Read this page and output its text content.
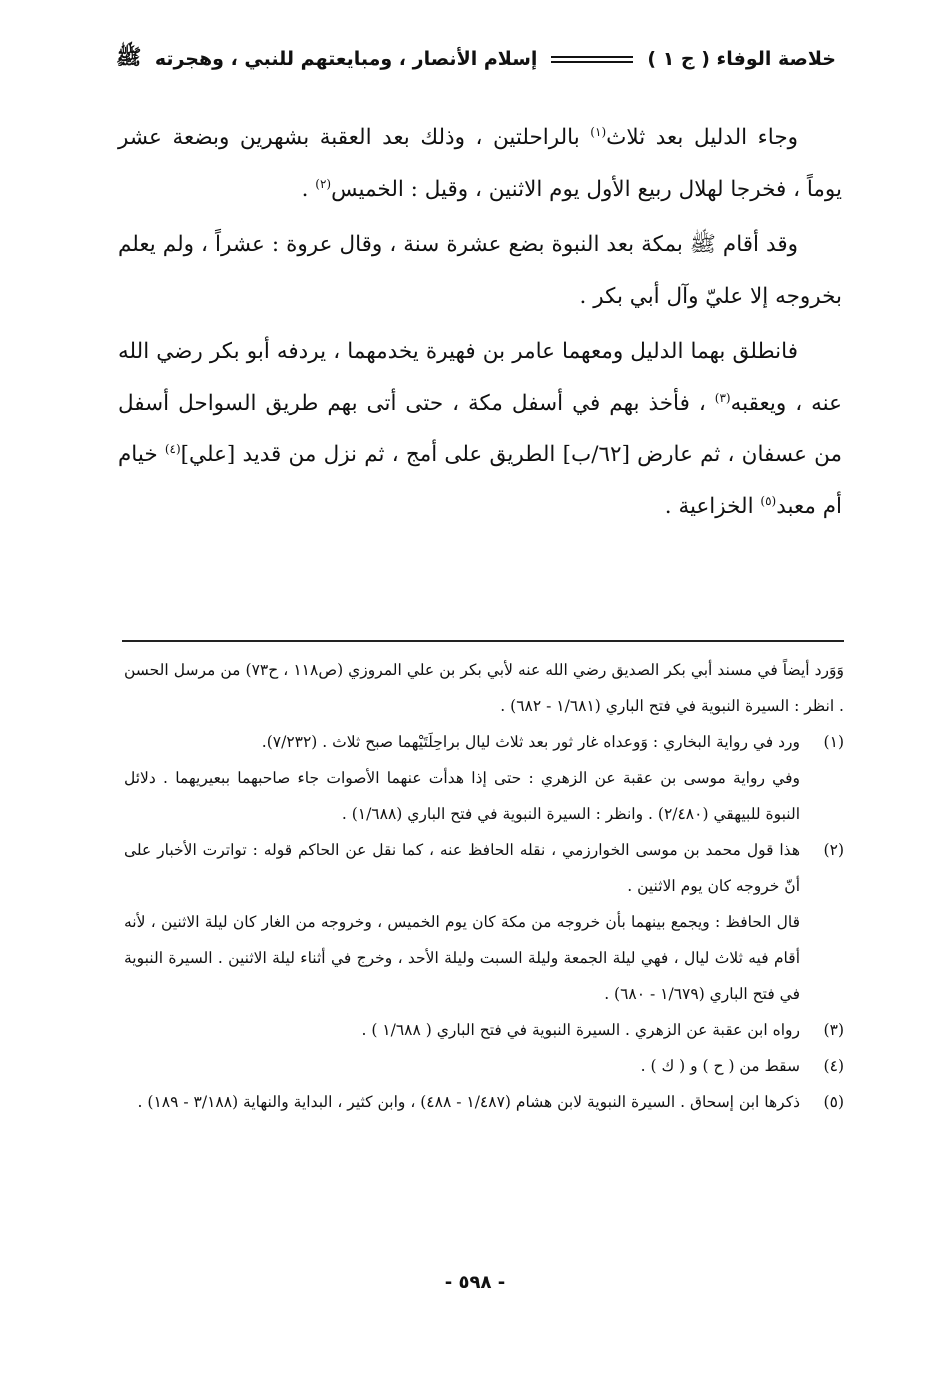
خلاصة الوفاء ( ج ١ )
إسلام الأنصار ، ومبايعتهم للنبي ، وهجرته
ﷺ

وجاء الدليل بعد ثلاث$^{(١)}$ بالراحلتين ، وذلك بعد العقبة بشهرين وبضعة عشر يوماً ، فخرجا لهلال ربيع الأول يوم الاثنين ، وقيل : الخميس$^{(٢)}$ .

وقد أقام ﷺ بمكة بعد النبوة بضع عشرة سنة ، وقال عروة : عشراً ، ولم يعلم بخروجه إلا عليّ وآل أبي بكر .

فانطلق بهما الدليل ومعهما عامر بن فهيرة يخدمهما ، يردفه أبو بكر رضي الله عنه ، ويعقبه$^{(٣)}$ ، فأخذ بهم في أسفل مكة ، حتى أتى بهم طريق السواحل أسفل من عسفان ، ثم عارض [٦٢/ب] الطريق على أمج ، ثم نزل من قديد [علي]$^{(٤)}$ خيام أم معبد$^{(٥)}$ الخزاعية .

وَوَرد أيضاً في مسند أبي بكر الصديق رضي الله عنه لأبي بكر بن علي المروزي (ص١١٨ ، ح٧٣) من مرسل الحسن . انظر : السيرة النبوية في فتح الباري (١/٦٨١ - ٦٨٢) .
(١)
ورد في رواية البخاري : وَوعداه غار ثور بعد ثلاث ليال براحِلَتَيْهما صبح ثلاث . (٧/٢٣٢).
وفي رواية موسى بن عقبة عن الزهري : حتى إذا هدأت عنهما الأصوات جاء صاحبهما ببعيريهما . دلائل النبوة للبيهقي (٢/٤٨٠) . وانظر : السيرة النبوية في فتح الباري (١/٦٨٨) .
(٢)
هذا قول محمد بن موسى الخوارزمي ، نقله الحافظ عنه ، كما نقل عن الحاكم قوله : تواترت الأخبار على أنّ خروجه كان يوم الاثنين .
قال الحافظ : ويجمع بينهما بأن خروجه من مكة كان يوم الخميس ، وخروجه من الغار كان ليلة الاثنين ، لأنه أقام فيه ثلاث ليال ، فهي ليلة الجمعة وليلة السبت وليلة الأحد ، وخرج في أثناء ليلة الاثنين . السيرة النبوية في فتح الباري (١/٦٧٩ - ٦٨٠) .
(٣)
رواه ابن عقبة عن الزهري . السيرة النبوية في فتح الباري ( ١/٦٨٨ ) .
(٤)
سقط من ( ح ) و ( ك ) .
(٥)
ذكرها ابن إسحاق . السيرة النبوية لابن هشام (١/٤٨٧ - ٤٨٨) ، وابن كثير ، البداية والنهاية (٣/١٨٨ - ١٨٩) .
- ٥٩٨ -
